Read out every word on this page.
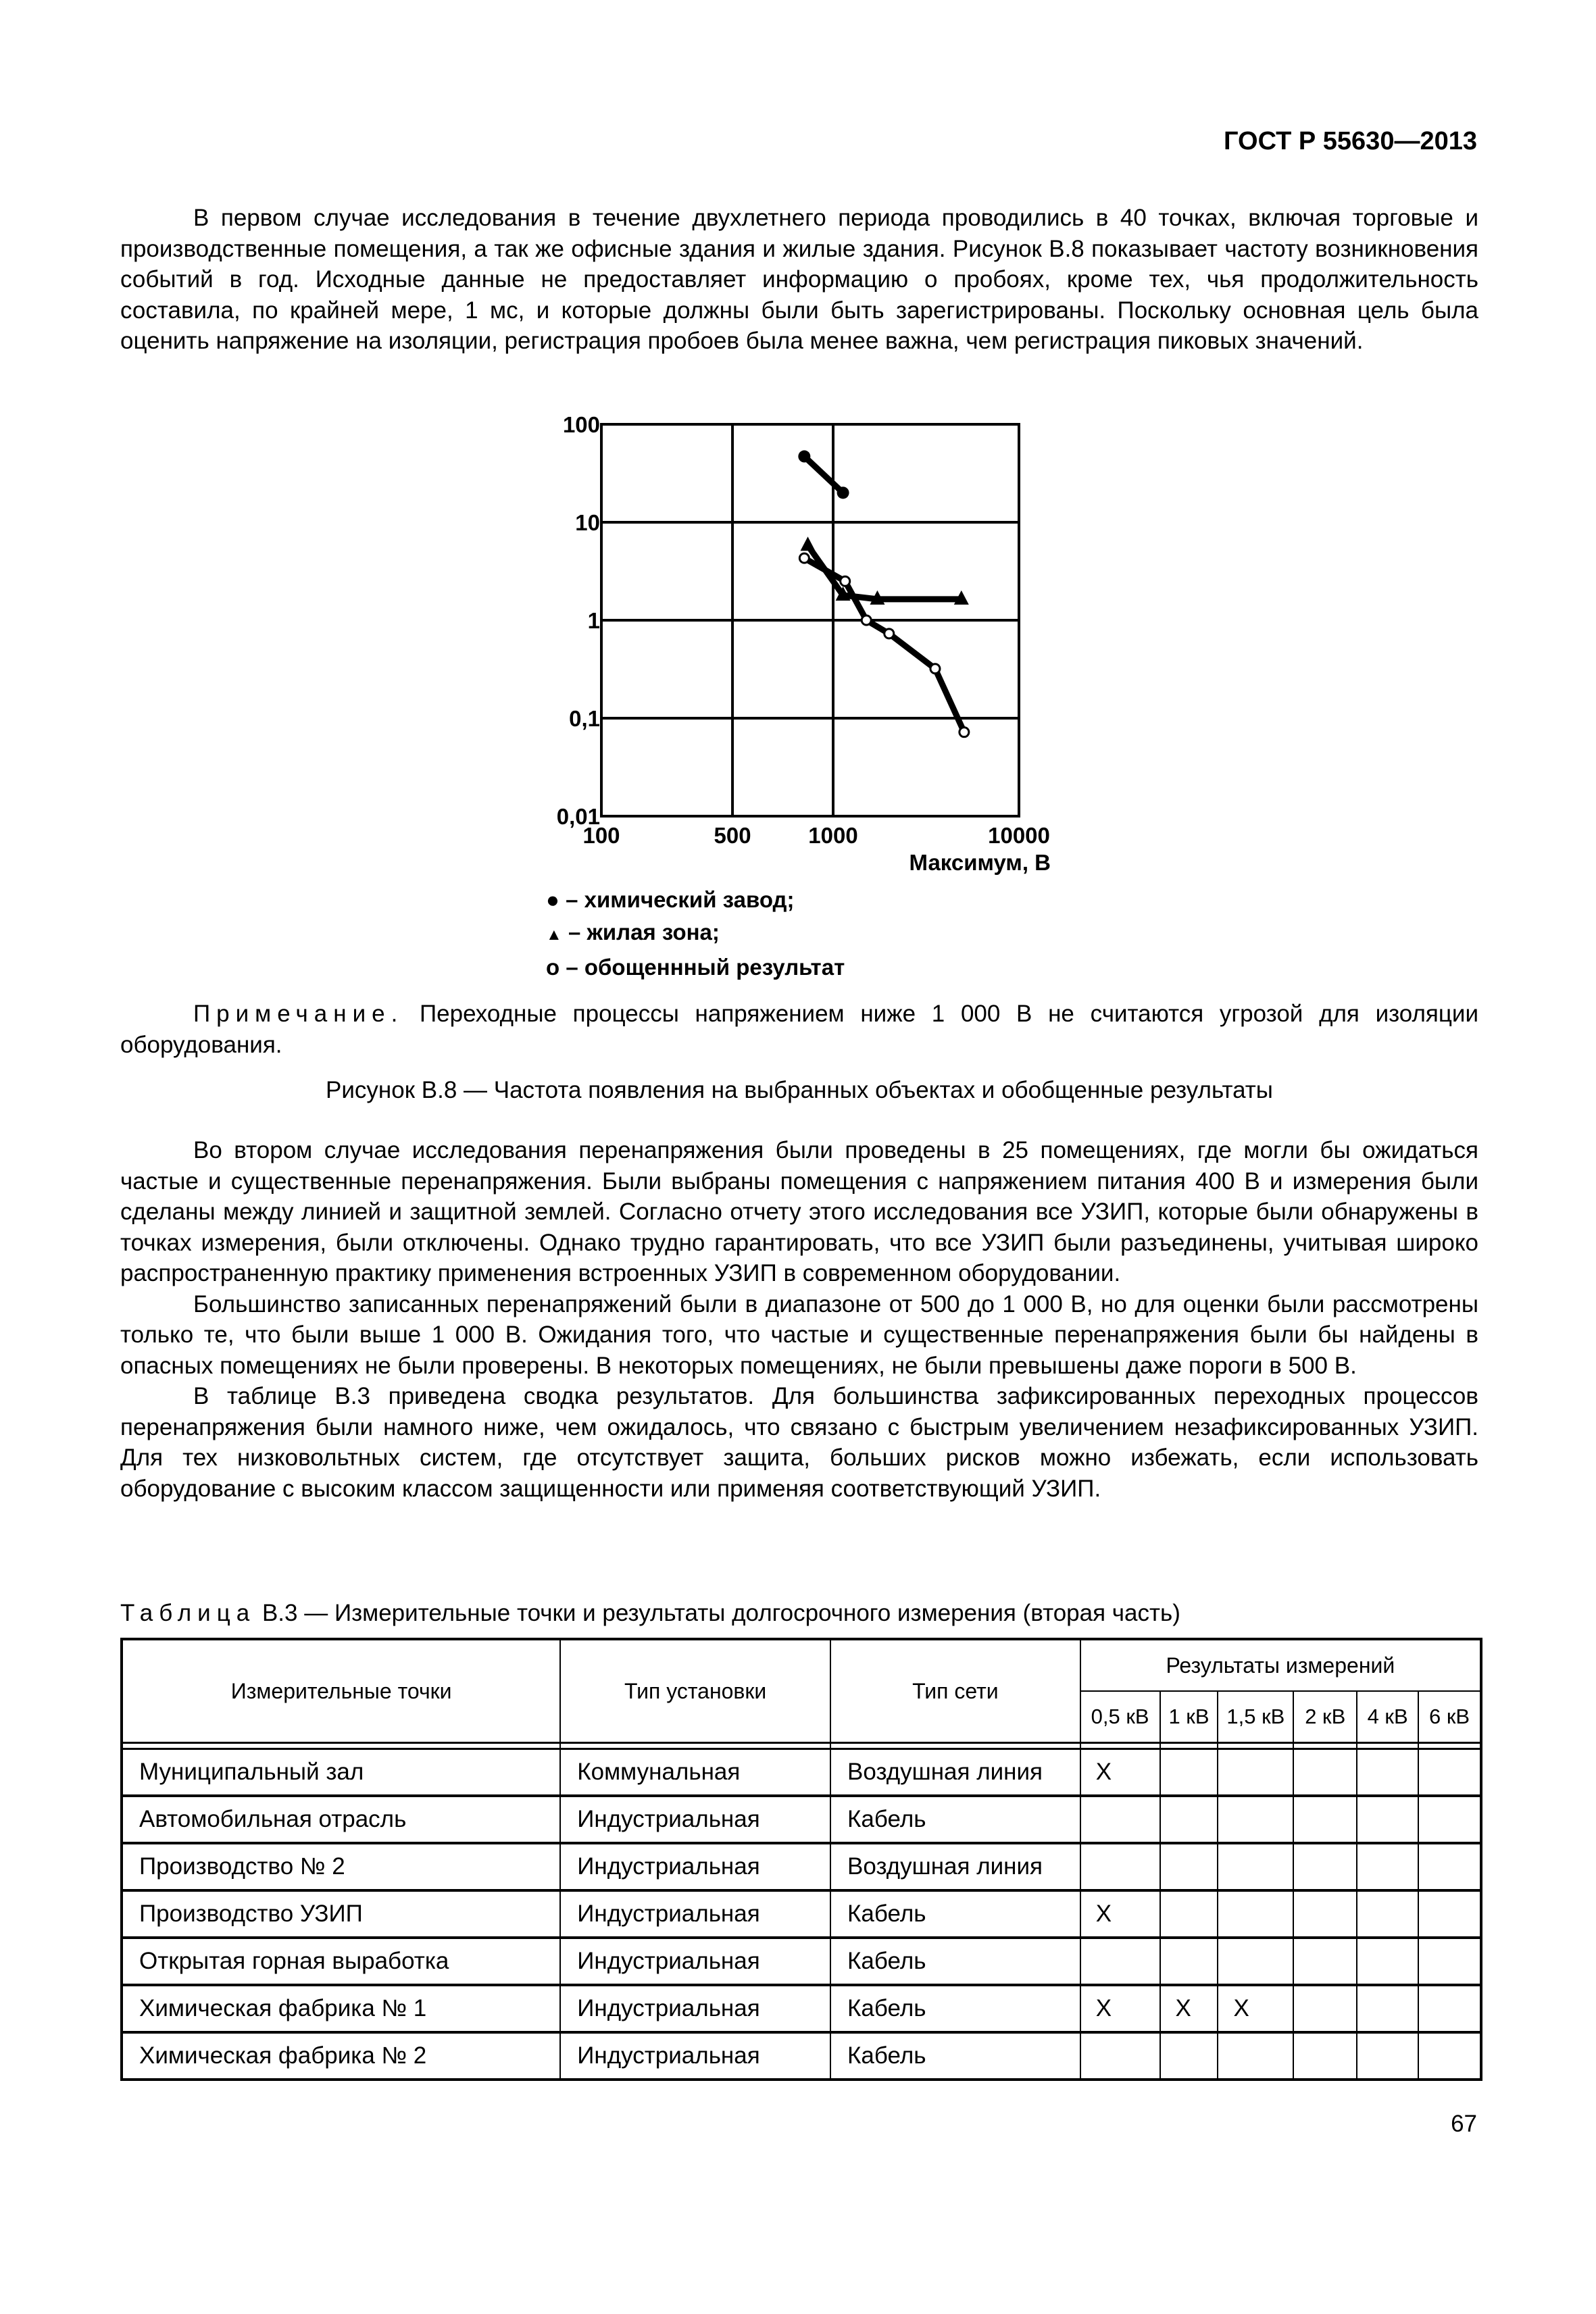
ГОСТ Р 55630—2013

В первом случае исследования в течение двухлетнего периода проводились в 40 точках, включая торговые и производственные помещения, а так же офисные здания и жилые здания. Рисунок В.8 показывает частоту возникновения событий в год. Исходные данные не предоставляет информацию о пробоях, кроме тех, чья продолжительность составила, по крайней мере, 1 мс, и которые должны были быть зарегистрированы. Поскольку основная цель была оценить напряжение на изоляции, регистрация пробоев была менее важна, чем регистрация пиковых значений.

100	500	1000	10000
100
10
1
0,1
0,01
Максимум, В
● – химический завод;
▲ – жилая зона;
о – обощеннный результат
Примечание. Переходные процессы напряжением ниже 1 000 В не считаются угрозой для изоляции оборудования.
Рисунок В.8 — Частота появления на выбранных объектах и обобщенные результаты

Во втором случае исследования перенапряжения были проведены в 25 помещениях, где могли бы ожидаться частые и существенные перенапряжения. Были выбраны помещения с напряжением питания 400 В и измерения были сделаны между линией и защитной землей. Согласно отчету этого исследования все УЗИП, которые были обнаружены в точках измерения, были отключены. Однако трудно гарантировать, что все УЗИП были разъединены, учитывая широко распространенную практику применения встроенных УЗИП в современном оборудовании.

Большинство записанных перенапряжений были в диапазоне от 500 до 1 000 В, но для оценки были рассмотрены только те, что были выше 1 000 В. Ожидания того, что частые и существенные перенапряжения были бы найдены в опасных помещениях не были проверены. В некоторых помещениях, не были превышены даже пороги в 500 В.

В таблице В.3 приведена сводка результатов. Для большинства зафиксированных переходных процессов перенапряжения были намного ниже, чем ожидалось, что связано с быстрым увеличением незафиксированных УЗИП. Для тех низковольтных систем, где отсутствует защита, больших рисков можно избежать, если использовать оборудование с высоким классом защищенности или применяя соответствующий УЗИП.

Таблица В.3 — Измерительные точки и результаты долгосрочного измерения (вторая часть)
Измерительные точки	Тип установки	Тип сети	Результаты измерений					
			0,5 кВ	1 кВ	1,5 кВ	2 кВ	4 кВ	6 кВ

Муниципальный зал	Коммунальная	Воздушная линия	X					
Автомобильная отрасль	Индустриальная	Кабель						
Производство № 2	Индустриальная	Воздушная линия						
Производство УЗИП	Индустриальная	Кабель	X					
Открытая горная выработка	Индустриальная	Кабель						
Химическая фабрика № 1	Индустриальная	Кабель	X	X	X			
Химическая фабрика № 2	Индустриальная	Кабель						
67
